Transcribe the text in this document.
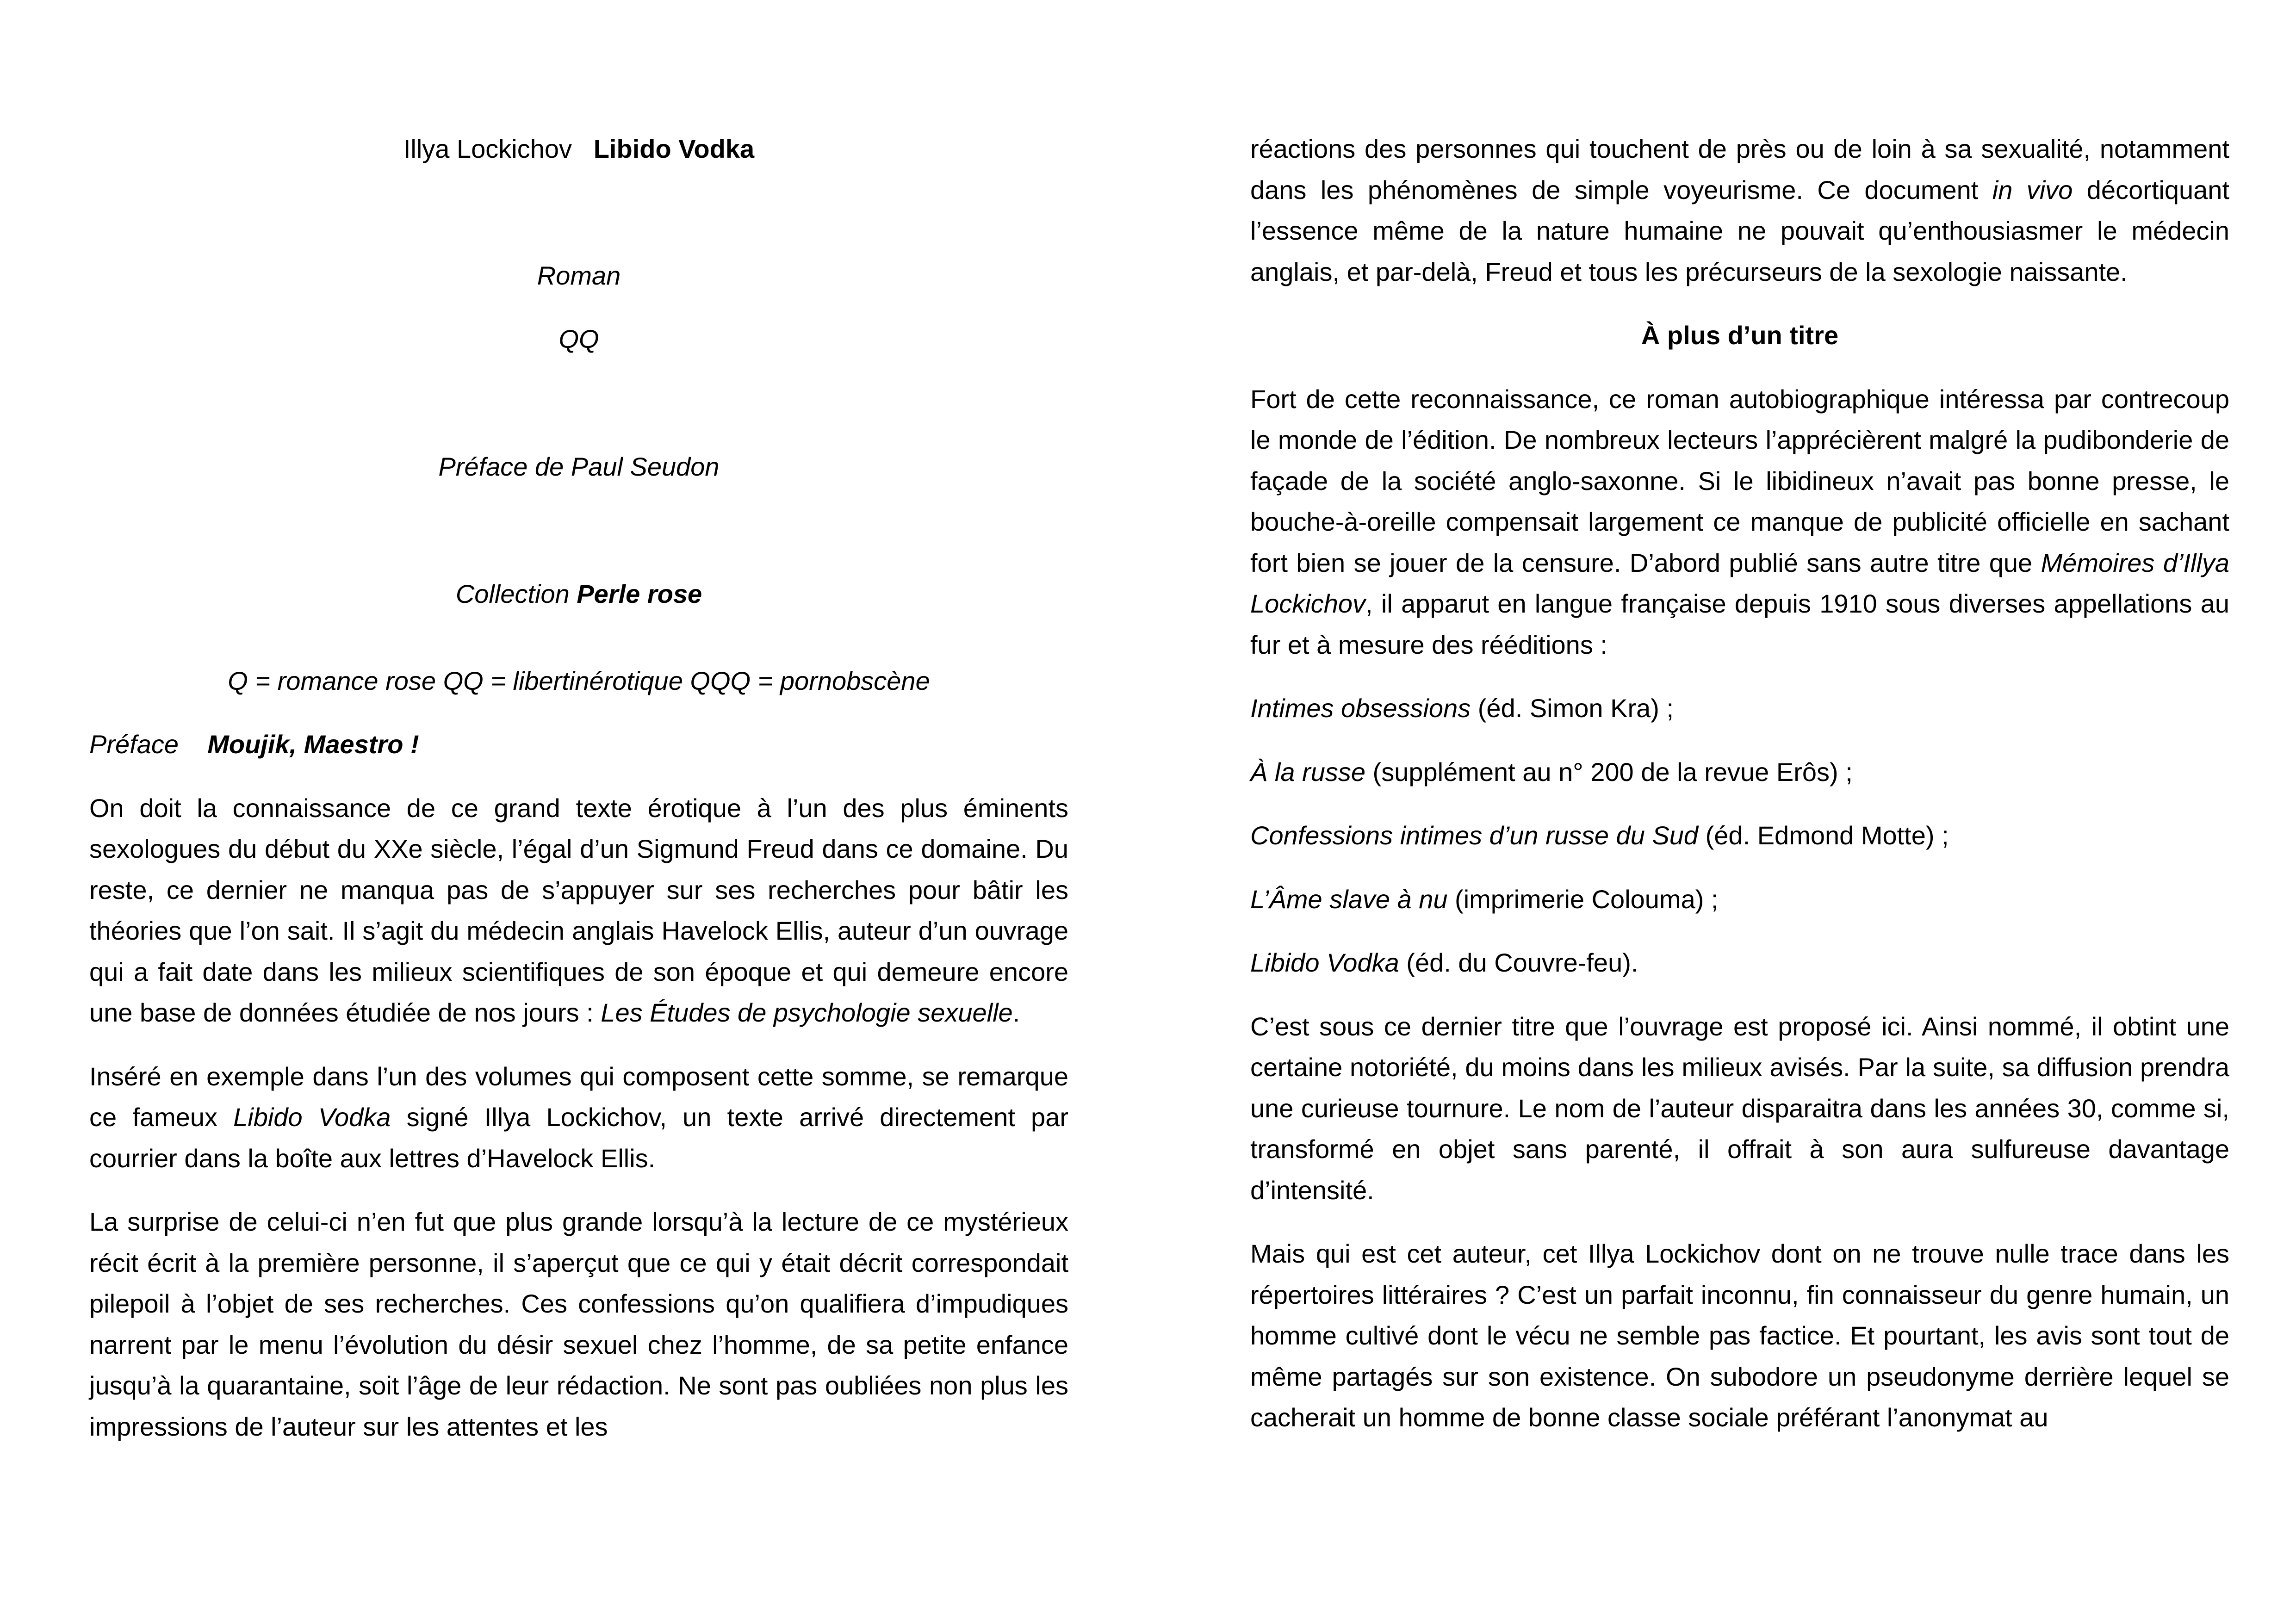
Illya Lockichov Libido Vodka

Roman

QQ

Préface de Paul Seudon

Collection Perle rose

Q = romance rose QQ = libertinérotique QQQ = pornobscène

Préface Moujik, Maestro !

On doit la connaissance de ce grand texte érotique à l’un des plus éminents sexologues du début du XXe siècle, l’égal d’un Sigmund Freud dans ce domaine. Du reste, ce dernier ne manqua pas de s’appuyer sur ses recherches pour bâtir les théories que l’on sait. Il s’agit du médecin anglais Havelock Ellis, auteur d’un ouvrage qui a fait date dans les milieux scientifiques de son époque et qui demeure encore une base de données étudiée de nos jours : Les Études de psychologie sexuelle.

Inséré en exemple dans l’un des volumes qui composent cette somme, se remarque ce fameux Libido Vodka signé Illya Lockichov, un texte arrivé directement par courrier dans la boîte aux lettres d’Havelock Ellis.

La surprise de celui-ci n’en fut que plus grande lorsqu’à la lecture de ce mystérieux récit écrit à la première personne, il s’aperçut que ce qui y était décrit correspondait pilepoil à l’objet de ses recherches. Ces confessions qu’on qualifiera d’impudiques narrent par le menu l’évolution du désir sexuel chez l’homme, de sa petite enfance jusqu’à la quarantaine, soit l’âge de leur rédaction. Ne sont pas oubliées non plus les impressions de l’auteur sur les attentes et les

réactions des personnes qui touchent de près ou de loin à sa sexualité, notamment dans les phénomènes de simple voyeurisme. Ce document in vivo décortiquant l’essence même de la nature humaine ne pouvait qu’enthousiasmer le médecin anglais, et par-delà, Freud et tous les précurseurs de la sexologie naissante.

À plus d’un titre

Fort de cette reconnaissance, ce roman autobiographique intéressa par contrecoup le monde de l’édition. De nombreux lecteurs l’apprécièrent malgré la pudibonderie de façade de la société anglo-saxonne. Si le libidineux n’avait pas bonne presse, le bouche-à-oreille compensait largement ce manque de publicité officielle en sachant fort bien se jouer de la censure. D’abord publié sans autre titre que Mémoires d’Illya Lockichov, il apparut en langue française depuis 1910 sous diverses appellations au fur et à mesure des rééditions :

Intimes obsessions (éd. Simon Kra) ;

À la russe (supplément au n° 200 de la revue Erôs) ;

Confessions intimes d’un russe du Sud (éd. Edmond Motte) ;

L’Âme slave à nu (imprimerie Colouma) ;

Libido Vodka (éd. du Couvre-feu).

C’est sous ce dernier titre que l’ouvrage est proposé ici. Ainsi nommé, il obtint une certaine notoriété, du moins dans les milieux avisés. Par la suite, sa diffusion prendra une curieuse tournure. Le nom de l’auteur disparaitra dans les années 30, comme si, transformé en objet sans parenté, il offrait à son aura sulfureuse davantage d’intensité.

Mais qui est cet auteur, cet Illya Lockichov dont on ne trouve nulle trace dans les répertoires littéraires ? C’est un parfait inconnu, fin connaisseur du genre humain, un homme cultivé dont le vécu ne semble pas factice. Et pourtant, les avis sont tout de même partagés sur son existence. On subodore un pseudonyme derrière lequel se cacherait un homme de bonne classe sociale préférant l’anonymat au
